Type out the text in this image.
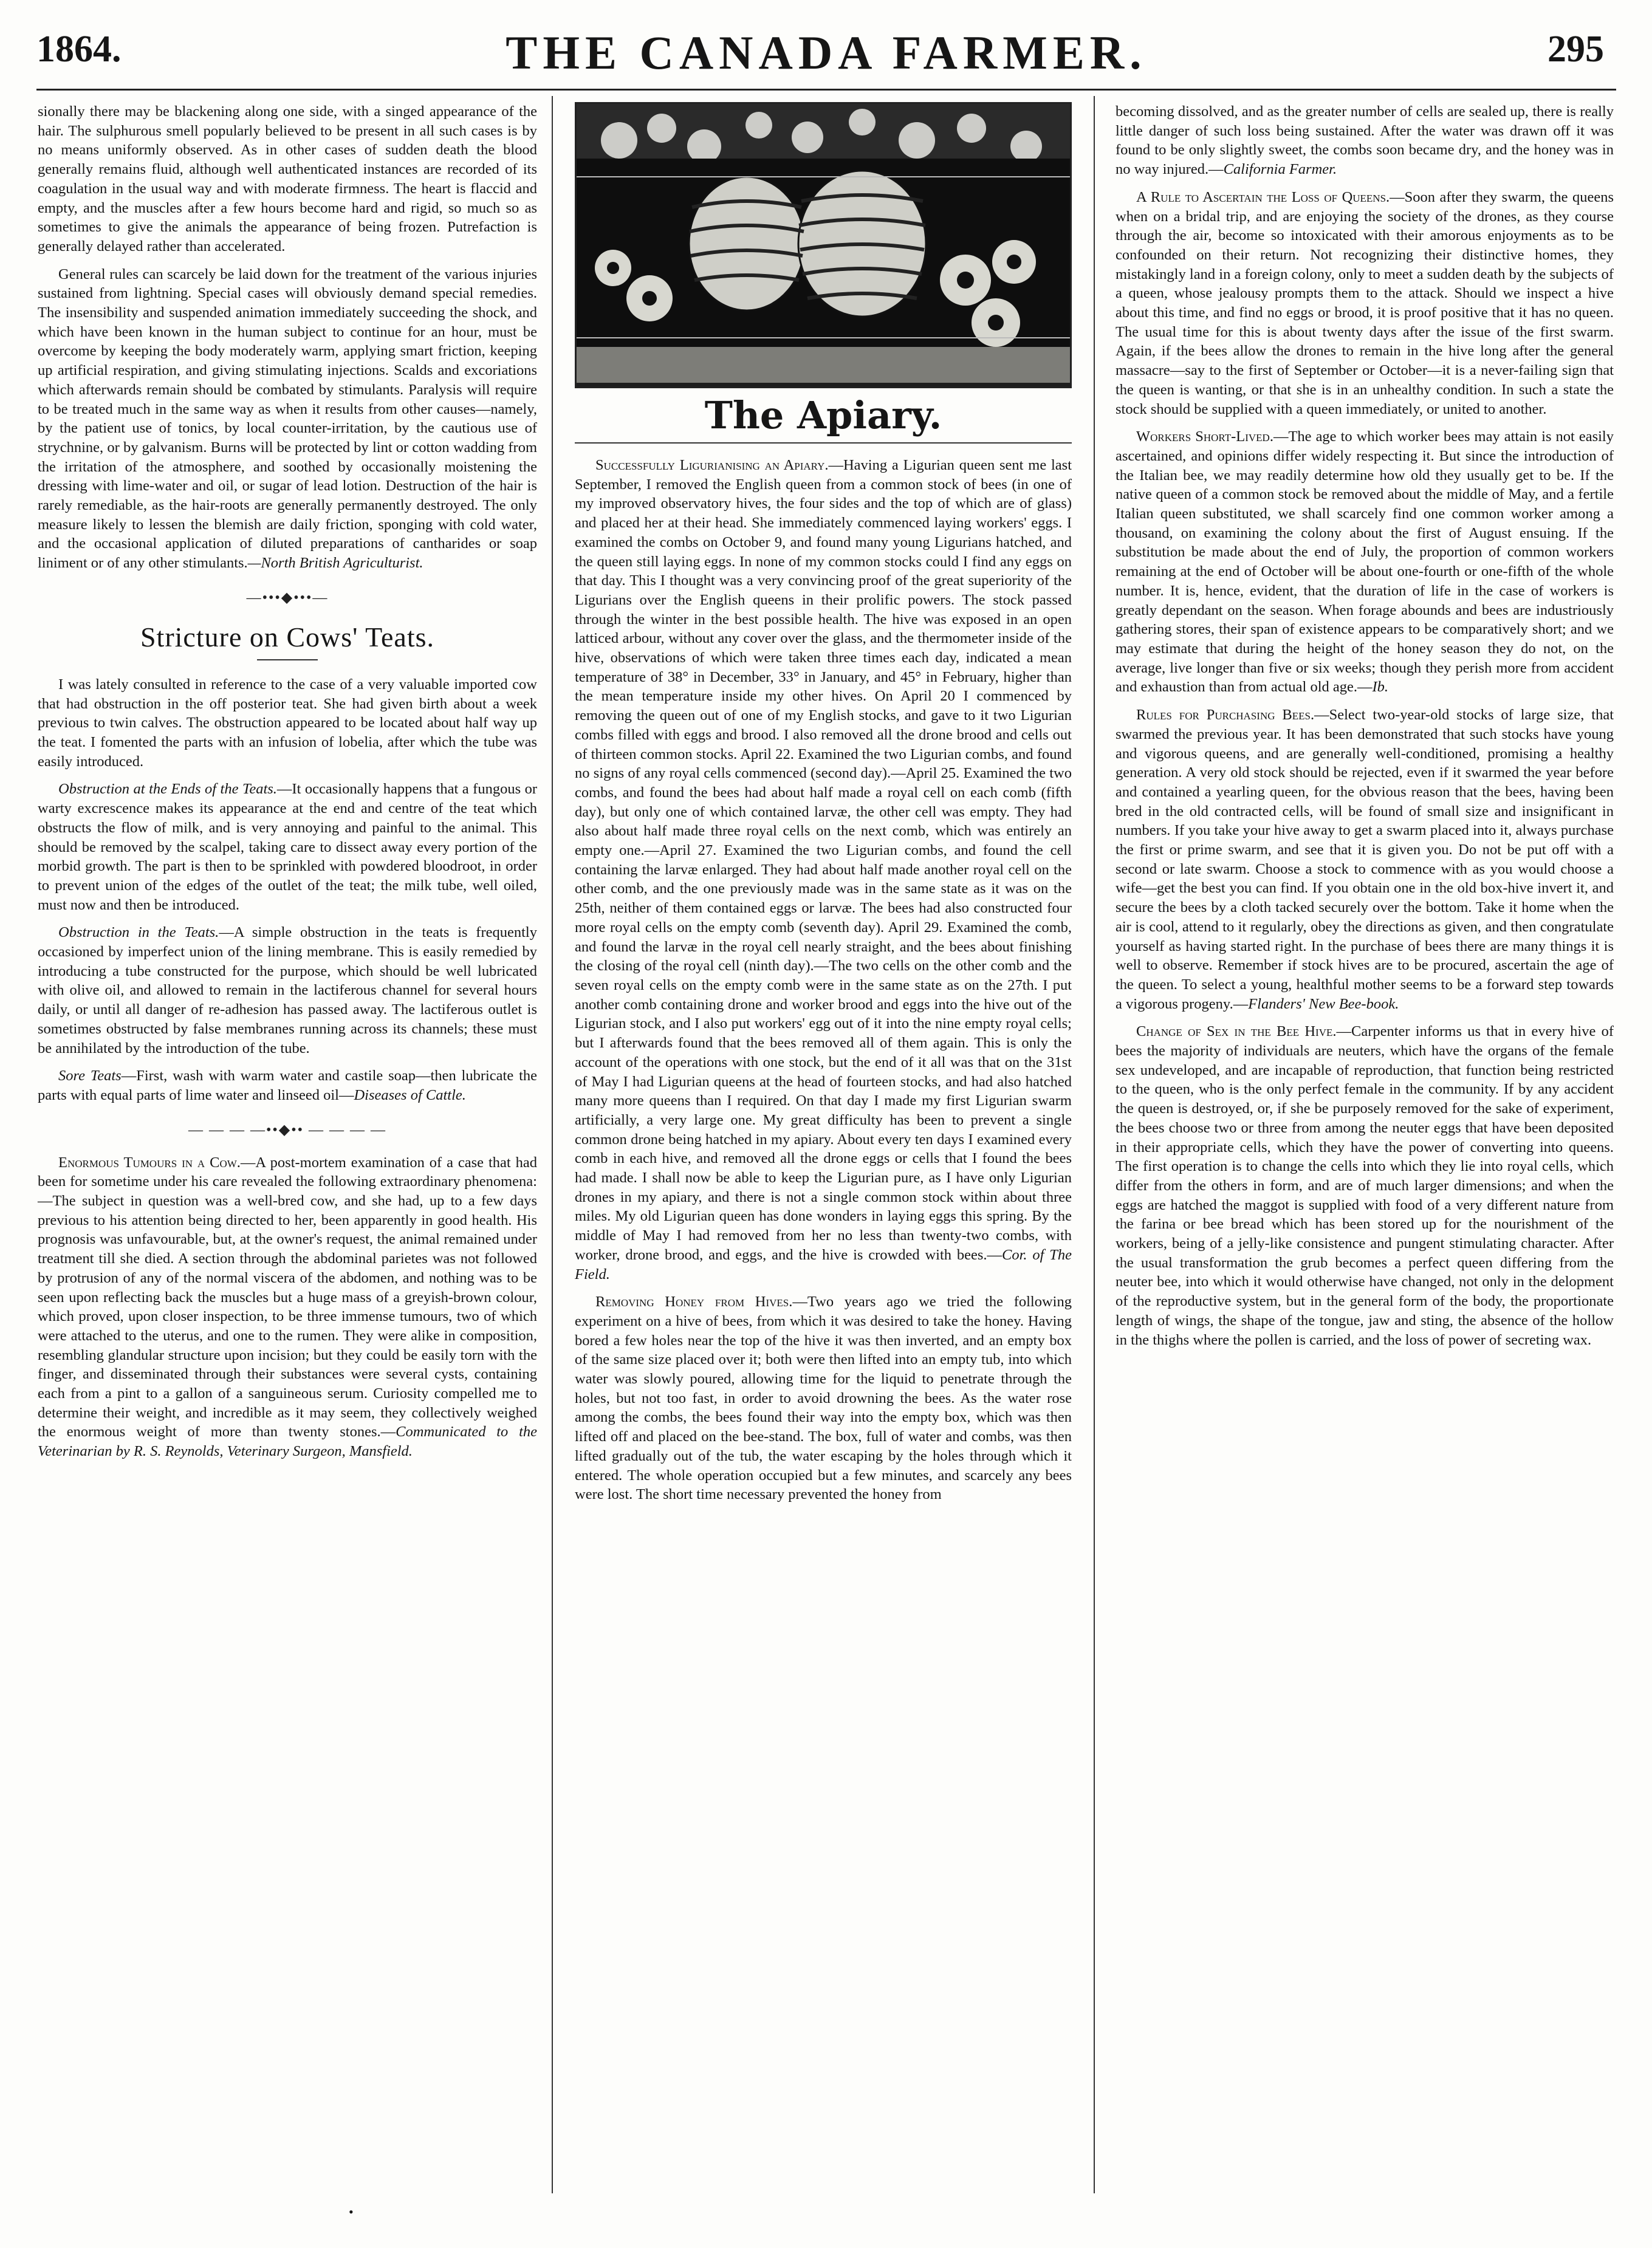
1864.	THE CANADA FARMER.	295

sionally there may be blackening along one side, with a singed appearance of the hair. The sulphurous smell popularly believed to be present in all such cases is by no means uniformly observed. As in other cases of sudden death the blood generally remains fluid, although well authenticated instances are recorded of its coagulation in the usual way and with moderate firmness. The heart is flaccid and empty, and the muscles after a few hours become hard and rigid, so much so as sometimes to give the animals the appearance of being frozen. Putrefaction is generally delayed rather than accelerated.

General rules can scarcely be laid down for the treatment of the various injuries sustained from lightning. Special cases will obviously demand special remedies. The insensibility and suspended animation immediately succeeding the shock, and which have been known in the human subject to continue for an hour, must be overcome by keeping the body moderately warm, applying smart friction, keeping up artificial respiration, and giving stimulating injections. Scalds and excoriations which afterwards remain should be combated by stimulants. Paralysis will require to be treated much in the same way as when it results from other causes—namely, by the patient use of tonics, by local counter-irritation, by the cautious use of strychnine, or by galvanism. Burns will be protected by lint or cotton wadding from the irritation of the atmosphere, and soothed by occasionally moistening the dressing with lime-water and oil, or sugar of lead lotion. Destruction of the hair is rarely remediable, as the hair-roots are generally permanently destroyed. The only measure likely to lessen the blemish are daily friction, sponging with cold water, and the occasional application of diluted preparations of cantharides or soap liniment or of any other stimulants.—North British Agriculturist.

—•••◆•••—
Stricture on Cows' Teats.

I was lately consulted in reference to the case of a very valuable imported cow that had obstruction in the off posterior teat. She had given birth about a week previous to twin calves. The obstruction appeared to be located about half way up the teat. I fomented the parts with an infusion of lobelia, after which the tube was easily introduced.

Obstruction at the Ends of the Teats.—It occasionally happens that a fungous or warty excrescence makes its appearance at the end and centre of the teat which obstructs the flow of milk, and is very annoying and painful to the animal. This should be removed by the scalpel, taking care to dissect away every portion of the morbid growth. The part is then to be sprinkled with powdered bloodroot, in order to prevent union of the edges of the outlet of the teat; the milk tube, well oiled, must now and then be introduced.

Obstruction in the Teats.—A simple obstruction in the teats is frequently occasioned by imperfect union of the lining membrane. This is easily remedied by introducing a tube constructed for the purpose, which should be well lubricated with olive oil, and allowed to remain in the lactiferous channel for several hours daily, or until all danger of re-adhesion has passed away. The lactiferous outlet is sometimes obstructed by false membranes running across its channels; these must be annihilated by the introduction of the tube.

Sore Teats—First, wash with warm water and castile soap—then lubricate the parts with equal parts of lime water and linseed oil—Diseases of Cattle.

— — — —••◆•• — — — —

Enormous Tumours in a Cow.—A post-mortem examination of a case that had been for sometime under his care revealed the following extraordinary phenomena:—The subject in question was a well-bred cow, and she had, up to a few days previous to his attention being directed to her, been apparently in good health. His prognosis was unfavourable, but, at the owner's request, the animal remained under treatment till she died. A section through the abdominal parietes was not followed by protrusion of any of the normal viscera of the abdomen, and nothing was to be seen upon reflecting back the muscles but a huge mass of a greyish-brown colour, which proved, upon closer inspection, to be three immense tumours, two of which were attached to the uterus, and one to the rumen. They were alike in composition, resembling glandular structure upon incision; but they could be easily torn with the finger, and disseminated through their substances were several cysts, containing each from a pint to a gallon of a sanguineous serum. Curiosity compelled me to determine their weight, and incredible as it may seem, they collectively weighed the enormous weight of more than twenty stones.—Communicated to the Veterinarian by R. S. Reynolds, Veterinary Surgeon, Mansfield.

The Apiary.

Successfully Ligurianising an Apiary.—Having a Ligurian queen sent me last September, I removed the English queen from a common stock of bees (in one of my improved observatory hives, the four sides and the top of which are of glass) and placed her at their head. She immediately commenced laying workers' eggs. I examined the combs on October 9, and found many young Ligurians hatched, and the queen still laying eggs. In none of my common stocks could I find any eggs on that day. This I thought was a very convincing proof of the great superiority of the Ligurians over the English queens in their prolific powers. The stock passed through the winter in the best possible health. The hive was exposed in an open latticed arbour, without any cover over the glass, and the thermometer inside of the hive, observations of which were taken three times each day, indicated a mean temperature of 38° in December, 33° in January, and 45° in February, higher than the mean temperature inside my other hives. On April 20 I commenced by removing the queen out of one of my English stocks, and gave to it two Ligurian combs filled with eggs and brood. I also removed all the drone brood and cells out of thirteen common stocks. April 22. Examined the two Ligurian combs, and found no signs of any royal cells commenced (second day).—April 25. Examined the two combs, and found the bees had about half made a royal cell on each comb (fifth day), but only one of which contained larvæ, the other cell was empty. They had also about half made three royal cells on the next comb, which was entirely an empty one.—April 27. Examined the two Ligurian combs, and found the cell containing the larvæ enlarged. They had about half made another royal cell on the other comb, and the one previously made was in the same state as it was on the 25th, neither of them contained eggs or larvæ. The bees had also constructed four more royal cells on the empty comb (seventh day). April 29. Examined the comb, and found the larvæ in the royal cell nearly straight, and the bees about finishing the closing of the royal cell (ninth day).—The two cells on the other comb and the seven royal cells on the empty comb were in the same state as on the 27th. I put another comb containing drone and worker brood and eggs into the hive out of the Ligurian stock, and I also put workers' egg out of it into the nine empty royal cells; but I afterwards found that the bees removed all of them again. This is only the account of the operations with one stock, but the end of it all was that on the 31st of May I had Ligurian queens at the head of fourteen stocks, and had also hatched many more queens than I required. On that day I made my first Ligurian swarm artificially, a very large one. My great difficulty has been to prevent a single common drone being hatched in my apiary. About every ten days I examined every comb in each hive, and removed all the drone eggs or cells that I found the bees had made. I shall now be able to keep the Ligurian pure, as I have only Ligurian drones in my apiary, and there is not a single common stock within about three miles. My old Ligurian queen has done wonders in laying eggs this spring. By the middle of May I had removed from her no less than twenty-two combs, with worker, drone brood, and eggs, and the hive is crowded with bees.—Cor. of The Field.

Removing Honey from Hives.—Two years ago we tried the following experiment on a hive of bees, from which it was desired to take the honey. Having bored a few holes near the top of the hive it was then inverted, and an empty box of the same size placed over it; both were then lifted into an empty tub, into which water was slowly poured, allowing time for the liquid to penetrate through the holes, but not too fast, in order to avoid drowning the bees. As the water rose among the combs, the bees found their way into the empty box, which was then lifted off and placed on the bee-stand. The box, full of water and combs, was then lifted gradually out of the tub, the water escaping by the holes through which it entered. The whole operation occupied but a few minutes, and scarcely any bees were lost. The short time necessary prevented the honey from

becoming dissolved, and as the greater number of cells are sealed up, there is really little danger of such loss being sustained. After the water was drawn off it was found to be only slightly sweet, the combs soon became dry, and the honey was in no way injured.—California Farmer.

A Rule to Ascertain the Loss of Queens.—Soon after they swarm, the queens when on a bridal trip, and are enjoying the society of the drones, as they course through the air, become so intoxicated with their amorous enjoyments as to be confounded on their return. Not recognizing their distinctive homes, they mistakingly land in a foreign colony, only to meet a sudden death by the subjects of a queen, whose jealousy prompts them to the attack. Should we inspect a hive about this time, and find no eggs or brood, it is proof positive that it has no queen. The usual time for this is about twenty days after the issue of the first swarm. Again, if the bees allow the drones to remain in the hive long after the general massacre—say to the first of September or October—it is a never-failing sign that the queen is wanting, or that she is in an unhealthy condition. In such a state the stock should be supplied with a queen immediately, or united to another.

Workers Short-Lived.—The age to which worker bees may attain is not easily ascertained, and opinions differ widely respecting it. But since the introduction of the Italian bee, we may readily determine how old they usually get to be. If the native queen of a common stock be removed about the middle of May, and a fertile Italian queen substituted, we shall scarcely find one common worker among a thousand, on examining the colony about the first of August ensuing. If the substitution be made about the end of July, the proportion of common workers remaining at the end of October will be about one-fourth or one-fifth of the whole number. It is, hence, evident, that the duration of life in the case of workers is greatly dependant on the season. When forage abounds and bees are industriously gathering stores, their span of existence appears to be comparatively short; and we may estimate that during the height of the honey season they do not, on the average, live longer than five or six weeks; though they perish more from accident and exhaustion than from actual old age.—Ib.

Rules for Purchasing Bees.—Select two-year-old stocks of large size, that swarmed the previous year. It has been demonstrated that such stocks have young and vigorous queens, and are generally well-conditioned, promising a healthy generation. A very old stock should be rejected, even if it swarmed the year before and contained a yearling queen, for the obvious reason that the bees, having been bred in the old contracted cells, will be found of small size and insignificant in numbers. If you take your hive away to get a swarm placed into it, always purchase the first or prime swarm, and see that it is given you. Do not be put off with a second or late swarm. Choose a stock to commence with as you would choose a wife—get the best you can find. If you obtain one in the old box-hive invert it, and secure the bees by a cloth tacked securely over the bottom. Take it home when the air is cool, attend to it regularly, obey the directions as given, and then congratulate yourself as having started right. In the purchase of bees there are many things it is well to observe. Remember if stock hives are to be procured, ascertain the age of the queen. To select a young, healthful mother seems to be a forward step towards a vigorous progeny.—Flanders' New Bee-book.

Change of Sex in the Bee Hive.—Carpenter informs us that in every hive of bees the majority of individuals are neuters, which have the organs of the female sex undeveloped, and are incapable of reproduction, that function being restricted to the queen, who is the only perfect female in the community. If by any accident the queen is destroyed, or, if she be purposely removed for the sake of experiment, the bees choose two or three from among the neuter eggs that have been deposited in their appropriate cells, which they have the power of converting into queens. The first operation is to change the cells into which they lie into royal cells, which differ from the others in form, and are of much larger dimensions; and when the eggs are hatched the maggot is supplied with food of a very different nature from the farina or bee bread which has been stored up for the nourishment of the workers, being of a jelly-like consistence and pungent stimulating character. After the usual transformation the grub becomes a perfect queen differing from the neuter bee, into which it would otherwise have changed, not only in the delopment of the reproductive system, but in the general form of the body, the proportionate length of wings, the shape of the tongue, jaw and sting, the absence of the hollow in the thighs where the pollen is carried, and the loss of power of secreting wax.

•
